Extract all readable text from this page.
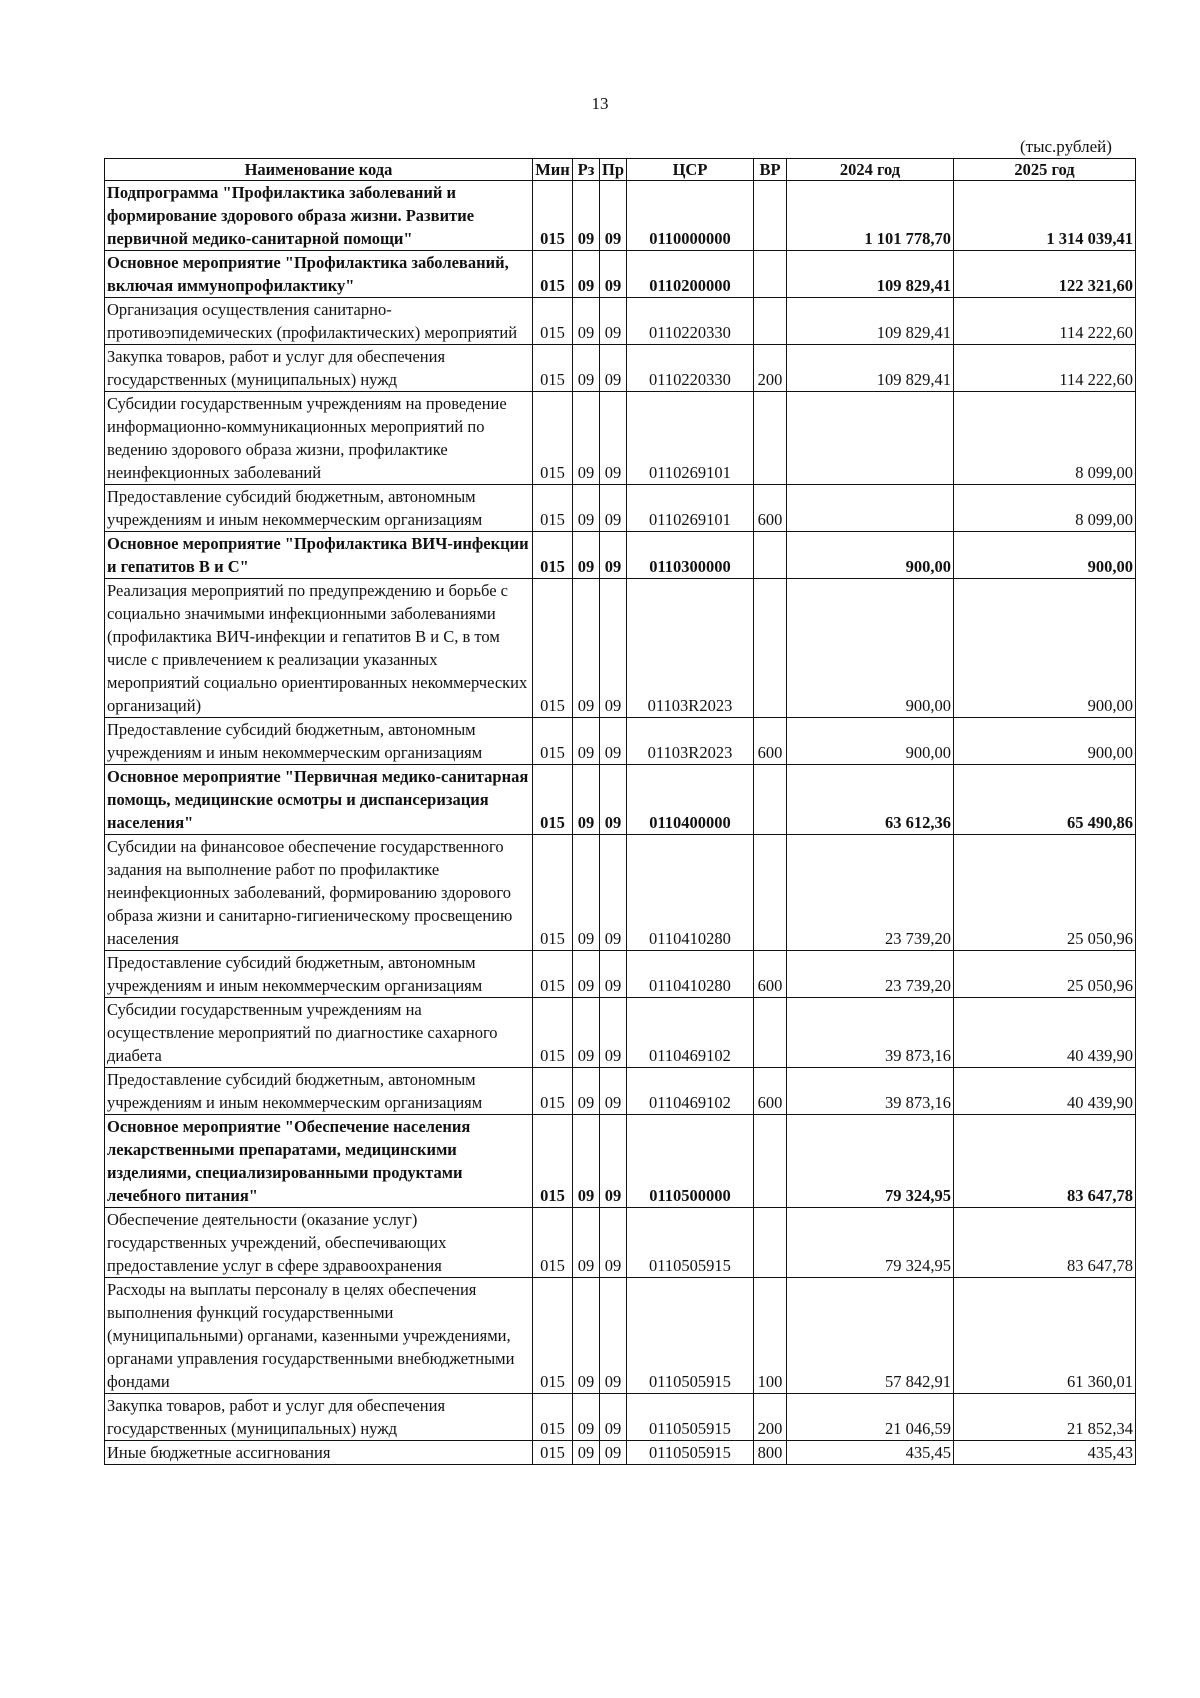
13
(тыс.рублей)
Наименование кода	Мин	Рз	Пр	ЦСР	ВР	2024 год	2025 год
Подпрограмма "Профилактика заболеваний и формирование здорового образа жизни. Развитие первичной медико-санитарной помощи"	015	09	09	0110000000		1 101 778,70	1 314 039,41
Основное мероприятие "Профилактика заболеваний, включая иммунопрофилактику"	015	09	09	0110200000		109 829,41	122 321,60
Организация осуществления санитарно-противоэпидемических (профилактических) мероприятий	015	09	09	0110220330		109 829,41	114 222,60
Закупка товаров, работ и услуг для обеспечения государственных (муниципальных) нужд	015	09	09	0110220330	200	109 829,41	114 222,60
Субсидии государственным учреждениям на проведение информационно-коммуникационных мероприятий по ведению здорового образа жизни, профилактике неинфекционных заболеваний	015	09	09	0110269101			8 099,00
Предоставление субсидий бюджетным, автономным учреждениям и иным некоммерческим организациям	015	09	09	0110269101	600		8 099,00
Основное мероприятие "Профилактика ВИЧ-инфекции и гепатитов В и С"	015	09	09	0110300000		900,00	900,00
Реализация мероприятий по предупреждению и борьбе с социально значимыми инфекционными заболеваниями (профилактика ВИЧ-инфекции и гепатитов В и С, в том числе с привлечением к реализации указанных мероприятий социально ориентированных некоммерческих организаций)	015	09	09	01103R2023		900,00	900,00
Предоставление субсидий бюджетным, автономным учреждениям и иным некоммерческим организациям	015	09	09	01103R2023	600	900,00	900,00
Основное мероприятие "Первичная медико-санитарная помощь, медицинские осмотры и диспансеризация населения"	015	09	09	0110400000		63 612,36	65 490,86
Субсидии на финансовое обеспечение государственного задания на выполнение работ по профилактике неинфекционных заболеваний, формированию здорового образа жизни и санитарно-гигиеническому просвещению населения	015	09	09	0110410280		23 739,20	25 050,96
Предоставление субсидий бюджетным, автономным учреждениям и иным некоммерческим организациям	015	09	09	0110410280	600	23 739,20	25 050,96
Субсидии государственным учреждениям на осуществление мероприятий по диагностике сахарного диабета	015	09	09	0110469102		39 873,16	40 439,90
Предоставление субсидий бюджетным, автономным учреждениям и иным некоммерческим организациям	015	09	09	0110469102	600	39 873,16	40 439,90
Основное мероприятие "Обеспечение населения лекарственными препаратами, медицинскими изделиями, специализированными продуктами лечебного питания"	015	09	09	0110500000		79 324,95	83 647,78
Обеспечение деятельности (оказание услуг) государственных учреждений, обеспечивающих предоставление услуг в сфере здравоохранения	015	09	09	0110505915		79 324,95	83 647,78
Расходы на выплаты персоналу в целях обеспечения выполнения функций государственными (муниципальными) органами, казенными учреждениями, органами управления государственными внебюджетными фондами	015	09	09	0110505915	100	57 842,91	61 360,01
Закупка товаров, работ и услуг для обеспечения государственных (муниципальных) нужд	015	09	09	0110505915	200	21 046,59	21 852,34
Иные бюджетные ассигнования	015	09	09	0110505915	800	435,45	435,43
